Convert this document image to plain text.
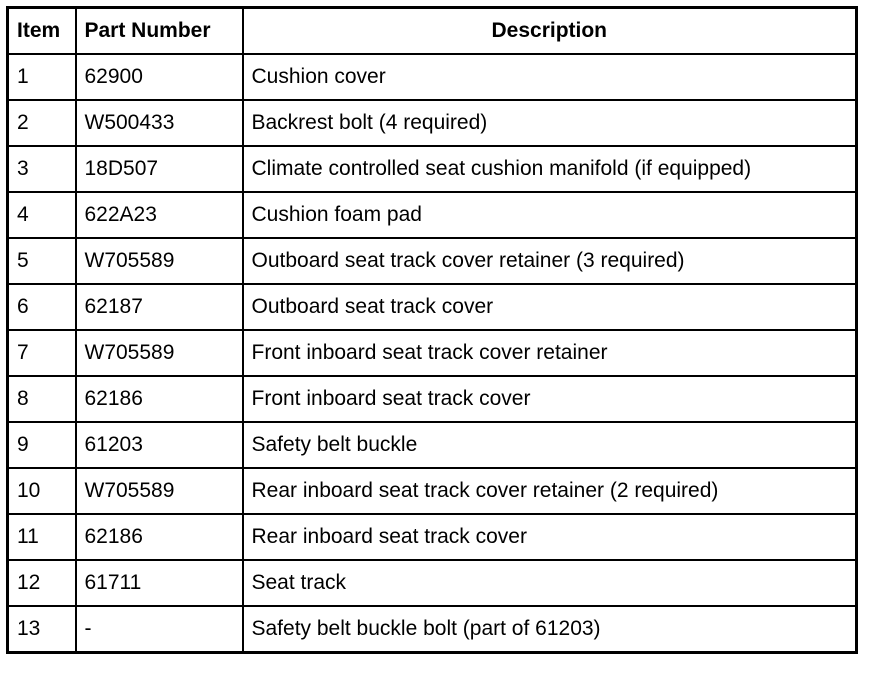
Item	Part Number	Description
1	62900	Cushion cover
2	W500433	Backrest bolt (4 required)
3	18D507	Climate controlled seat cushion manifold (if equipped)
4	622A23	Cushion foam pad
5	W705589	Outboard seat track cover retainer (3 required)
6	62187	Outboard seat track cover
7	W705589	Front inboard seat track cover retainer
8	62186	Front inboard seat track cover
9	61203	Safety belt buckle
10	W705589	Rear inboard seat track cover retainer (2 required)
11	62186	Rear inboard seat track cover
12	61711	Seat track
13	-	Safety belt buckle bolt (part of 61203)
